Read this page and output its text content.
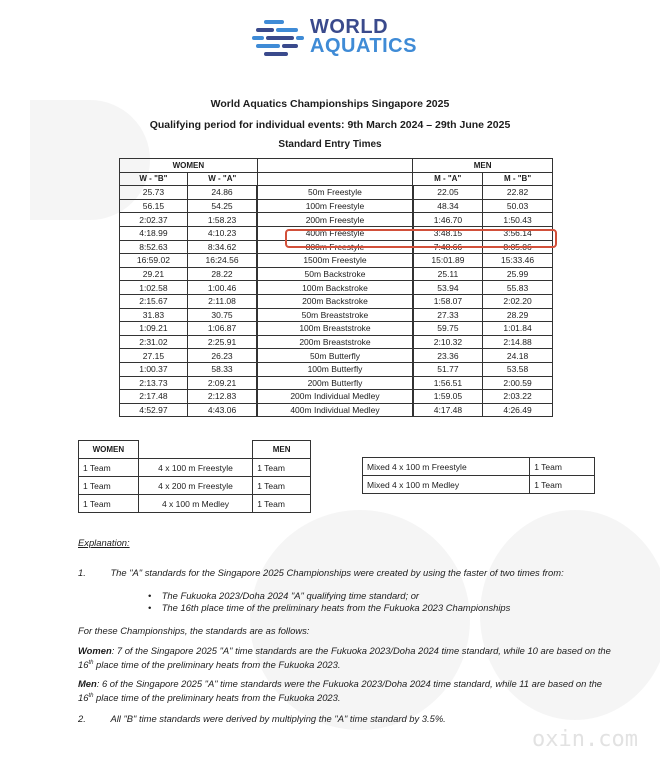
WORLD
AQUATICS
World Aquatics Championships Singapore 2025
Qualifying period for individual events: 9th March 2024 – 29th June 2025
Standard Entry Times
WOMEN			MEN	
W - "B"	W - "A"		M - "A"	M - "B"
25.73	24.86	50m Freestyle	22.05	22.82
56.15	54.25	100m Freestyle	48.34	50.03
2:02.37	1:58.23	200m Freestyle	1:46.70	1:50.43
4:18.99	4:10.23	400m Freestyle	3:48.15	3:56.14
8:52.63	8:34.62	800m Freestyle	7:48.66	8:05.06
16:59.02	16:24.56	1500m Freestyle	15:01.89	15:33.46
29.21	28.22	50m Backstroke	25.11	25.99
1:02.58	1:00.46	100m Backstroke	53.94	55.83
2:15.67	2:11.08	200m Backstroke	1:58.07	2:02.20
31.83	30.75	50m Breaststroke	27.33	28.29
1:09.21	1:06.87	100m Breaststroke	59.75	1:01.84
2:31.02	2:25.91	200m Breaststroke	2:10.32	2:14.88
27.15	26.23	50m Butterfly	23.36	24.18
1:00.37	58.33	100m Butterfly	51.77	53.58
2:13.73	2:09.21	200m Butterfly	1:56.51	2:00.59
2:17.48	2:12.83	200m Individual Medley	1:59.05	2:03.22
4:52.97	4:43.06	400m Individual Medley	4:17.48	4:26.49
WOMEN		MEN
1 Team	4 x 100 m Freestyle	1 Team
1 Team	4 x 200 m Freestyle	1 Team
1 Team	4 x 100 m Medley	1 Team
Mixed 4 x 100 m Freestyle	1 Team
Mixed 4 x 100 m Medley	1 Team
Explanation:
1.	The "A" standards for the Singapore 2025 Championships were created by using the faster of two times from:
•    The Fukuoka 2023/Doha 2024 "A" qualifying time standard; or
•    The 16th place time of the preliminary heats from the Fukuoka 2023 Championships
For these Championships, the standards are as follows:
Women: 7 of the Singapore 2025 "A" time standards are the Fukuoka 2023/Doha 2024 time standard, while 10 are based on the 16th place time of the preliminary heats from the Fukuoka 2023.
Men: 6 of the Singapore 2025 "A" time standards were the Fukuoka 2023/Doha 2024 time standard, while 11 are based on the 16th place time of the preliminary heats from the Fukuoka 2023.
2.	All "B" time standards were derived by multiplying the "A" time standard by 3.5%.
oxin.com
